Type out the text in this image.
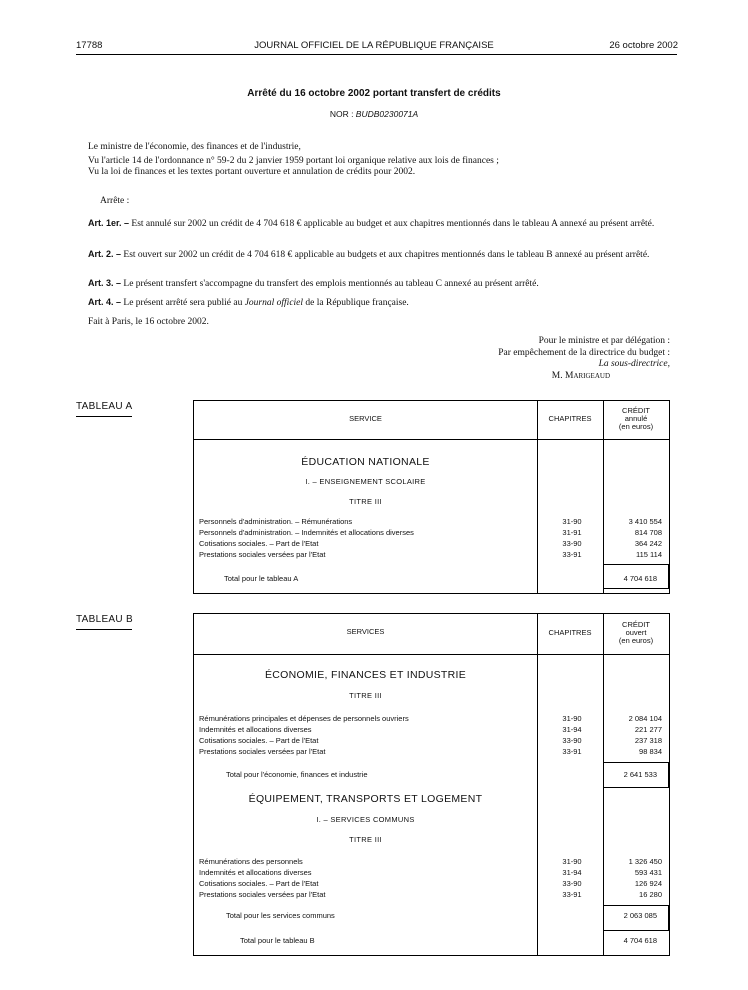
17788	JOURNAL OFFICIEL DE LA RÉPUBLIQUE FRANÇAISE	26 octobre 2002
Arrêté du 16 octobre 2002 portant transfert de crédits
NOR : BUDB0230071A
Le ministre de l'économie, des finances et de l'industrie,
Vu l'article 14 de l'ordonnance n° 59-2 du 2 janvier 1959 portant loi organique relative aux lois de finances ;
Vu la loi de finances et les textes portant ouverture et annulation de crédits pour 2002.
Arrête :
Art. 1er. – Est annulé sur 2002 un crédit de 4 704 618 € applicable au budget et aux chapitres mentionnés dans le tableau A annexé au présent arrêté.
Art. 2. – Est ouvert sur 2002 un crédit de 4 704 618 € applicable au budgets et aux chapitres mentionnés dans le tableau B annexé au présent arrêté.
Art. 3. – Le présent transfert s'accompagne du transfert des emplois mentionnés au tableau C annexé au présent arrêté.
Art. 4. – Le présent arrêté sera publié au Journal officiel de la République française.
Fait à Paris, le 16 octobre 2002.
Pour le ministre et par délégation :
Par empêchement de la directrice du budget :
La sous-directrice,
M. Marigeaud
TABLEAU A
SERVICE	CHAPITRES
CRÉDIT
annulé
(en euros)
ÉDUCATION NATIONALE
I. – ENSEIGNEMENT SCOLAIRE
TITRE III
Personnels d'administration. – Rémunérations	31-90	3 410 554
Personnels d'administration. – Indemnités et allocations diverses	31-91	814 708
Cotisations sociales. – Part de l'Etat	33-90	364 242
Prestations sociales versées par l'Etat	33-91	115 114
Total pour le tableau A	4 704 618
TABLEAU B
SERVICES	CHAPITRES
CRÉDIT
ouvert
(en euros)
ÉCONOMIE, FINANCES ET INDUSTRIE
TITRE III
Rémunérations principales et dépenses de personnels ouvriers	31-90	2 084 104
Indemnités et allocations diverses	31-94	221 277
Cotisations sociales. – Part de l'Etat	33-90	237 318
Prestations sociales versées par l'Etat	33-91	98 834
Total pour l'économie, finances et industrie	2 641 533
ÉQUIPEMENT, TRANSPORTS ET LOGEMENT
I. – SERVICES COMMUNS
TITRE III
Rémunérations des personnels	31-90	1 326 450
Indemnités et allocations diverses	31-94	593 431
Cotisations sociales. – Part de l'Etat	33-90	126 924
Prestations sociales versées par l'Etat	33-91	16 280
Total pour les services communs	2 063 085
Total pour le tableau B	4 704 618
